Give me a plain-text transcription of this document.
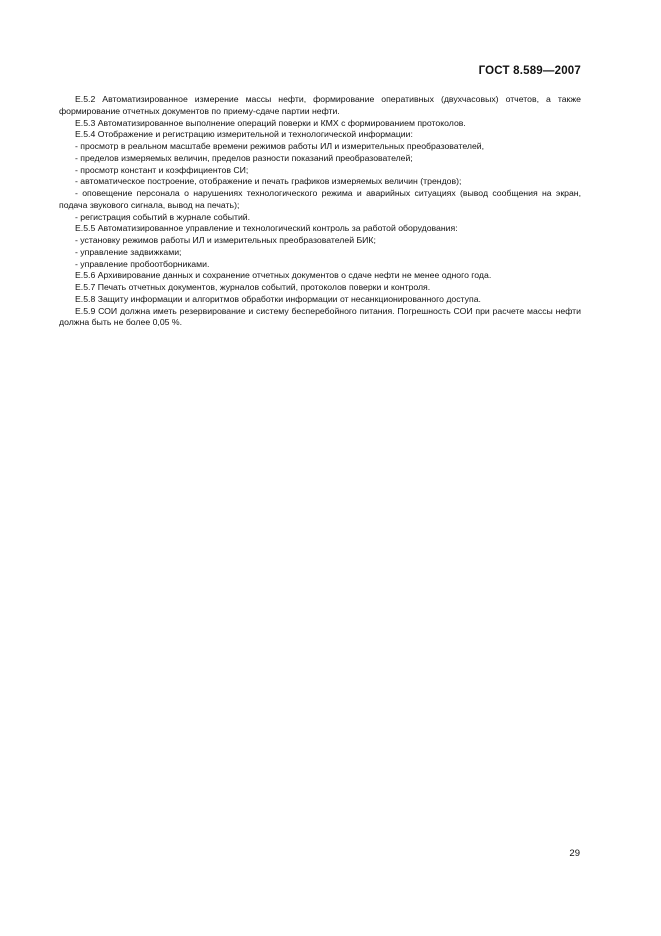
ГОСТ 8.589—2007

Е.5.2 Автоматизированное измерение массы нефти, формирование оперативных (двухчасовых) отчетов, а также формирование отчетных документов по приему-сдаче партии нефти.

Е.5.3 Автоматизированное выполнение операций поверки и КМХ с формированием протоколов.

Е.5.4 Отображение и регистрацию измерительной и технологической информации:

- просмотр в реальном масштабе времени режимов работы ИЛ и измерительных преобразователей,

- пределов измеряемых величин, пределов разности показаний преобразователей;

- просмотр констант и коэффициентов СИ;

- автоматическое построение, отображение и печать графиков измеряемых величин (трендов);

- оповещение персонала о нарушениях технологического режима и аварийных ситуациях (вывод сообщения на экран, подача звукового сигнала, вывод на печать);

- регистрация событий в журнале событий.

Е.5.5 Автоматизированное управление и технологический контроль за работой оборудования:

- установку режимов работы ИЛ и измерительных преобразователей БИК;

- управление задвижками;

- управление пробоотборниками.

Е.5.6 Архивирование данных и сохранение отчетных документов о сдаче нефти не менее одного года.

Е.5.7 Печать отчетных документов, журналов событий, протоколов поверки и контроля.

Е.5.8 Защиту информации и алгоритмов обработки информации от несанкционированного доступа.

Е.5.9 СОИ должна иметь резервирование и систему бесперебойного питания. Погрешность СОИ при расчете массы нефти должна быть не более 0,05 %.

29
